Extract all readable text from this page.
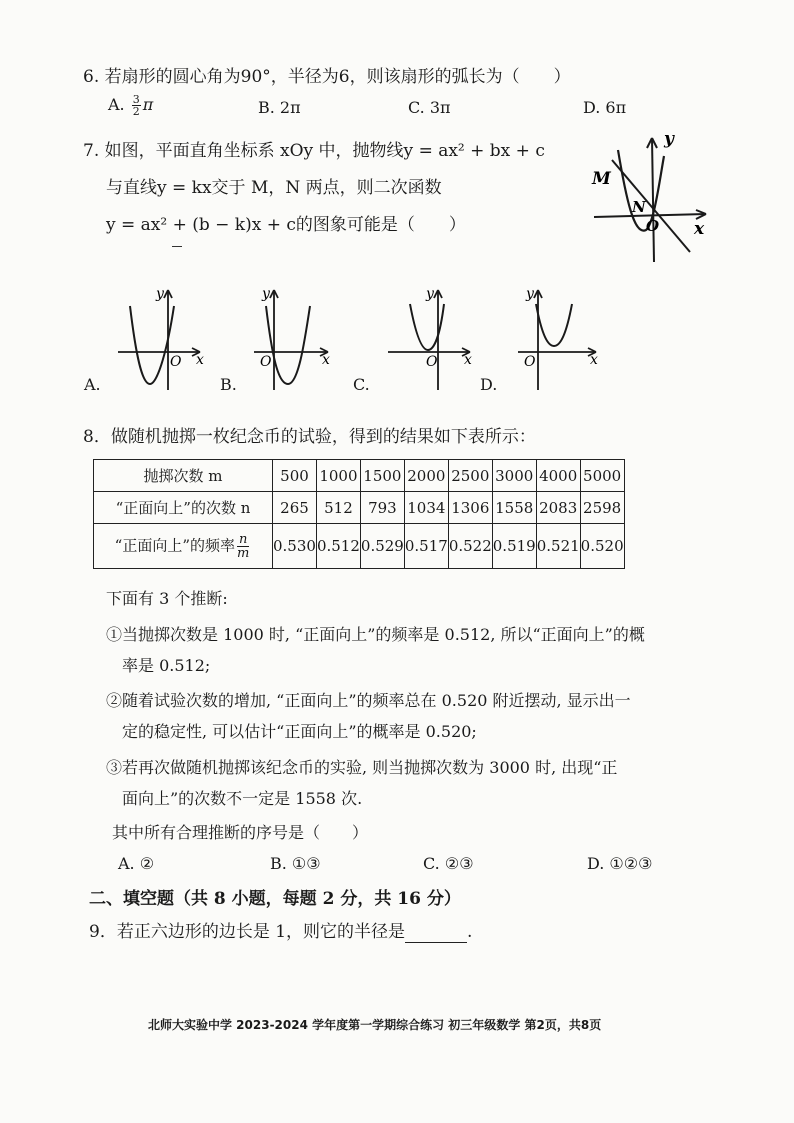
6. 若扇形的圆心角为90°，半径为6，则该扇形的弧长为（　　）
A. $\frac{3}{2}$ π	B. 2π	C. 3π	D. 6π
7. 如图，平面直角坐标系 xOy 中，抛物线y = ax² + bx + c
与直线y = kx交于 M，N 两点，则二次函数
y = ax² + (b − k)x + c的图象可能是（　　）
y
x
M
N
O
y
x
O
A.
y
x
O
B.
y
x
O
C.
y
x
O
D.
8．做随机抛掷一枚纪念币的试验，得到的结果如下表所示：
抛掷次数 m	500	1000	1500	2000	2500	3000	4000	5000
“正面向上”的次数 n	265	512	793	1034	1306	1558	2083	2598
“正面向上”的频率 $\frac{n}{m}$	0.530	0.512	0.529	0.517	0.522	0.519	0.521	0.520
下面有 3 个推断:
①当抛掷次数是 1000 时, “正面向上”的频率是 0.512, 所以“正面向上”的概
率是 0.512;
②随着试验次数的增加, “正面向上”的频率总在 0.520 附近摆动, 显示出一
定的稳定性, 可以估计“正面向上”的概率是 0.520;
③若再次做随机抛掷该纪念币的实验, 则当抛掷次数为 3000 时, 出现“正
面向上”的次数不一定是 1558 次.
其中所有合理推断的序号是（　　）
A. ②	B. ①③	C. ②③	D. ①②③
二、填空题（共 8 小题，每题 2 分，共 16 分）
9．若正六边形的边长是 1，则它的半径是	.
北师大实验中学 2023-2024 学年度第一学期综合练习 初三年级数学 第2页，共8页
